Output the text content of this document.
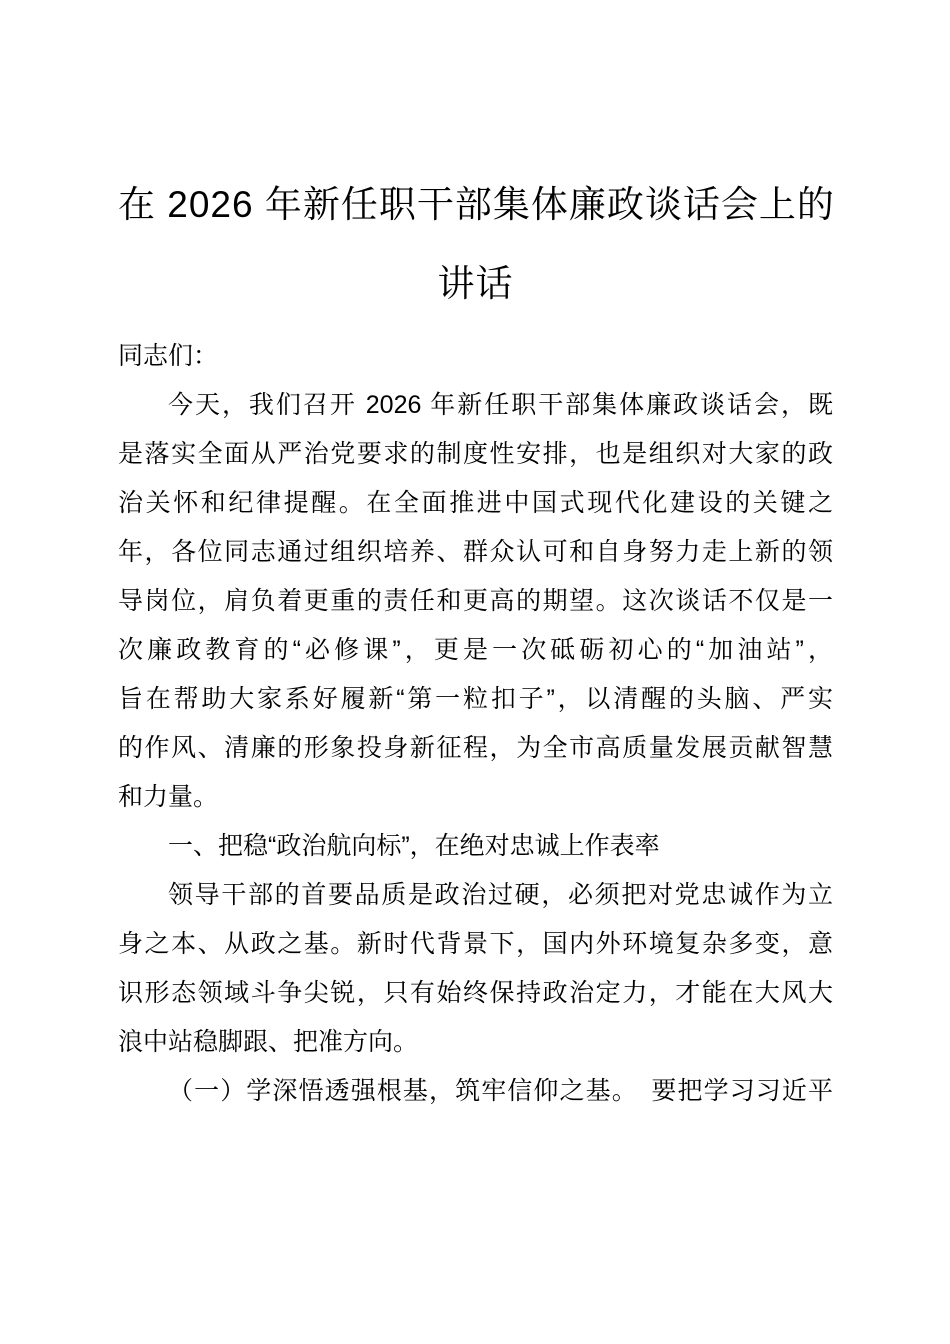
在 2026 年新任职干部集体廉政谈话会上的
讲话
同志们：
今天，我们召开 2026 年新任职干部集体廉政谈话会，既
是落实全面从严治党要求的制度性安排，也是组织对大家的政
治关怀和纪律提醒。在全面推进中国式现代化建设的关键之
年，各位同志通过组织培养、群众认可和自身努力走上新的领
导岗位，肩负着更重的责任和更高的期望。这次谈话不仅是一
次廉政教育的“必修课”，更是一次砥砺初心的“加油站”，
旨在帮助大家系好履新“第一粒扣子”，以清醒的头脑、严实
的作风、清廉的形象投身新征程，为全市高质量发展贡献智慧
和力量。
一、把稳“政治航向标”，在绝对忠诚上作表率
领导干部的首要品质是政治过硬，必须把对党忠诚作为立
身之本、从政之基。新时代背景下，国内外环境复杂多变，意
识形态领域斗争尖锐，只有始终保持政治定力，才能在大风大
浪中站稳脚跟、把准方向。
（一）学深悟透强根基，筑牢信仰之基。　要把学习习近平
